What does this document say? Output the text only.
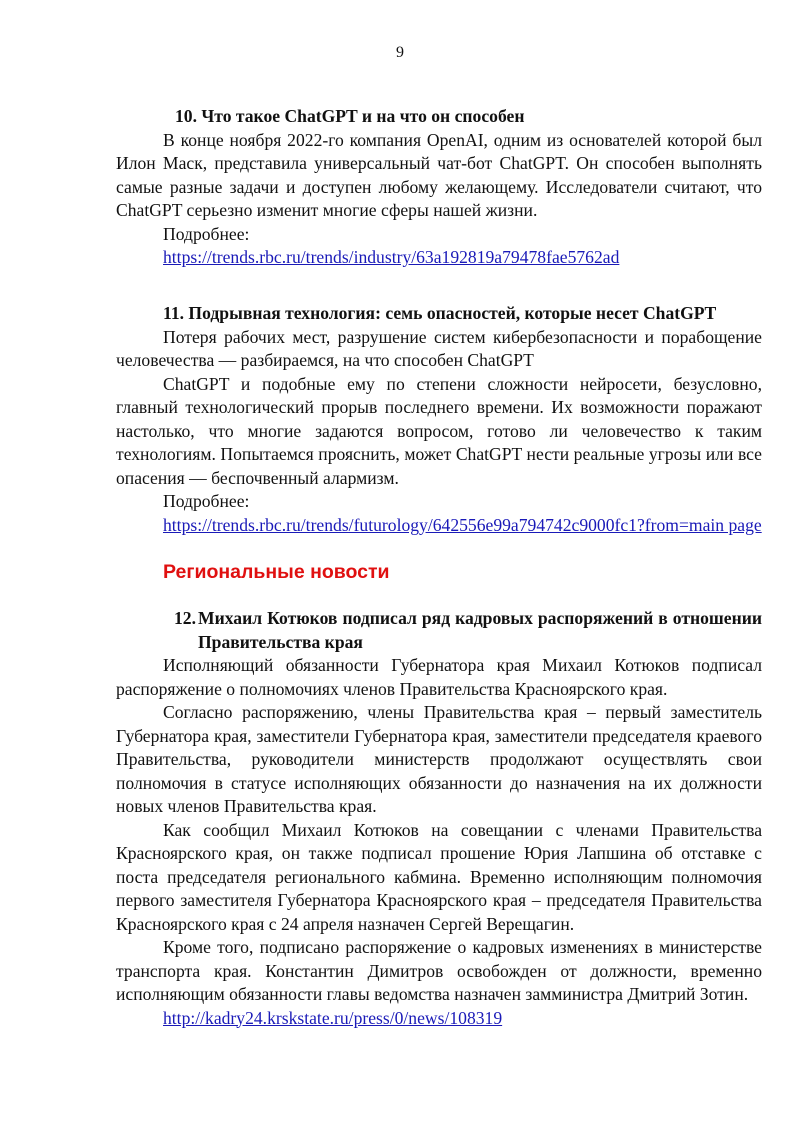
9

10. Что такое ChatGPT и на что он способен

В конце ноября 2022-го компания OpenAI, одним из основателей которой был Илон Маск, представила универсальный чат-бот ChatGPT. Он способен выполнять самые разные задачи и доступен любому желающему. Исследователи считают, что ChatGPT серьезно изменит многие сферы нашей жизни.

Подробнее:

https://trends.rbc.ru/trends/industry/63a192819a79478fae5762ad

11. Подрывная технология: семь опасностей, которые несет ChatGPT

Потеря рабочих мест, разрушение систем кибербезопасности и порабощение человечества — разбираемся, на что способен ChatGPT

ChatGPT и подобные ему по степени сложности нейросети, безусловно, главный технологический прорыв последнего времени. Их возможности поражают настолько, что многие задаются вопросом, готово ли человечество к таким технологиям. Попытаемся прояснить, может ChatGPT нести реальные угрозы или все опасения — беспочвенный алармизм.

Подробнее:

https://trends.rbc.ru/trends/futurology/642556e99a794742c9000fc1?from=main page

Региональные новости
12. Михаил Котюков подписал ряд кадровых распоряжений в отношении Правительства края

Исполняющий обязанности Губернатора края Михаил Котюков подписал распоряжение о полномочиях членов Правительства Красноярского края.

Согласно распоряжению, члены Правительства края – первый заместитель Губернатора края, заместители Губернатора края, заместители председателя краевого Правительства, руководители министерств продолжают осуществлять свои полномочия в статусе исполняющих обязанности до назначения на их должности новых членов Правительства края.

Как сообщил Михаил Котюков на совещании с членами Правительства Красноярского края, он также подписал прошение Юрия Лапшина об отставке с поста председателя регионального кабмина. Временно исполняющим полномочия первого заместителя Губернатора Красноярского края – председателя Правительства Красноярского края с 24 апреля назначен Сергей Верещагин.

Кроме того, подписано распоряжение о кадровых изменениях в министерстве транспорта края. Константин Димитров освобожден от должности, временно исполняющим обязанности главы ведомства назначен замминистра Дмитрий Зотин.

http://kadry24.krskstate.ru/press/0/news/108319
